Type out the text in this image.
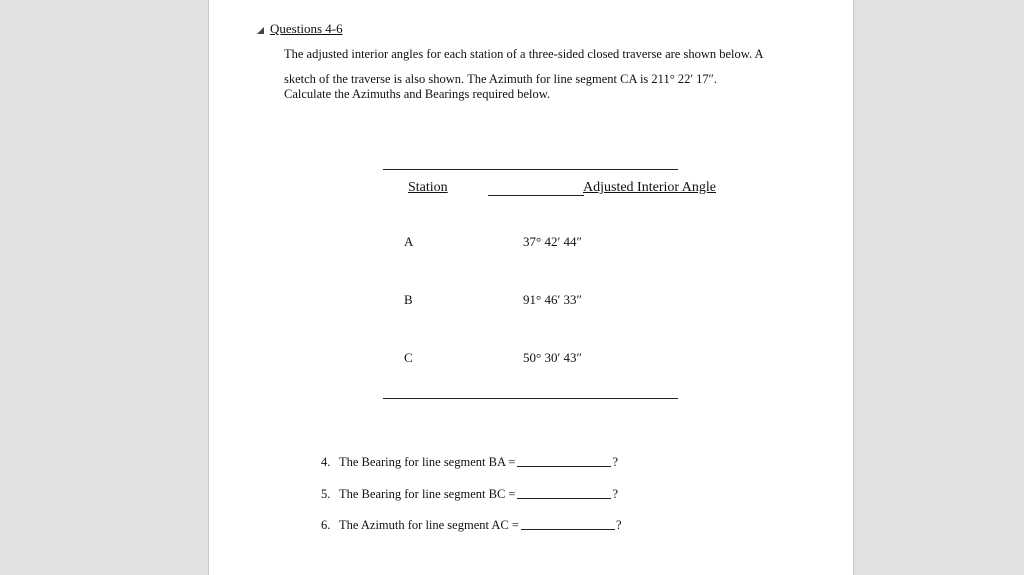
Questions 4-6
The adjusted interior angles for each station of a three-sided closed traverse are shown below. A
sketch of the traverse is also shown. The Azimuth for line segment CA is 211° 22′ 17″.
Calculate the Azimuths and Bearings required below.
Station	Adjusted Interior Angle
A	37° 42′ 44″
B	91° 46′ 33″
C	50° 30′ 43″
4. The Bearing for line segment BA =	?
5. The Bearing for line segment BC =	?
6. The Azimuth for line segment AC =	?
